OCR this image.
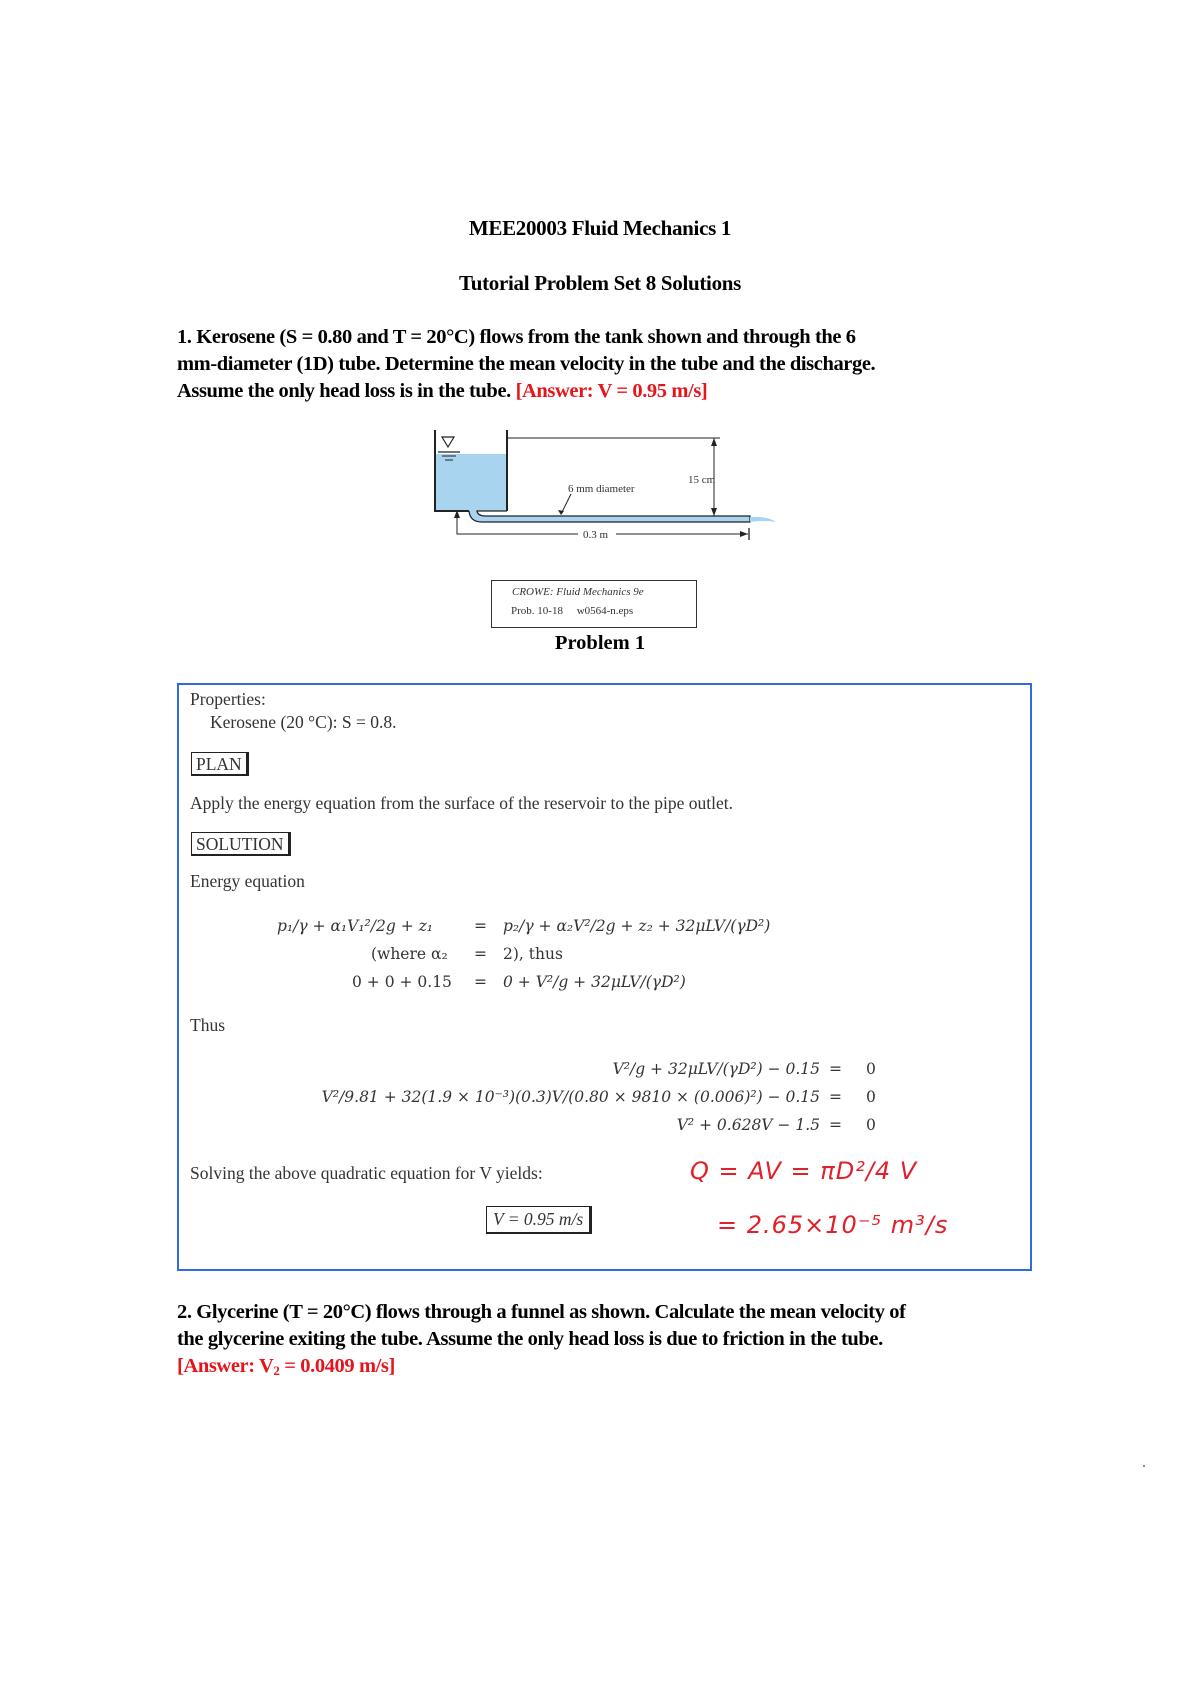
MEE20003 Fluid Mechanics 1
Tutorial Problem Set 8 Solutions
1. Kerosene (S = 0.80 and T = 20°C) flows from the tank shown and through the 6
mm-diameter (1D) tube. Determine the mean velocity in the tube and the discharge.
Assume the only head loss is in the tube. [Answer: V = 0.95 m/s]
15 cm
6 mm diameter
0.3 m
CROWE: Fluid Mechanics 9e
Prob. 10-18     w0564-n.eps
Problem 1
Properties:
Kerosene (20 °C): S = 0.8.
PLAN
Apply the energy equation from the surface of the reservoir to the pipe outlet.
SOLUTION
Energy equation
p₁/γ + α₁V₁²/2g + z₁	= p₂/γ + α₂V²/2g + z₂ + 32μLV/(γD²)
(where α₂ = 2), thus
0 + 0 + 0.15 = 0 + V²/g + 32μLV/(γD²)
Thus
V²/g + 32μLV/(γD²) − 0.15 = 0
V²/9.81 + 32(1.9 × 10⁻³)(0.3)V/(0.80 × 9810 × (0.006)²) − 0.15 = 0
V² + 0.628V − 1.5 = 0
Solving the above quadratic equation for V yields:
V = 0.95 m/s
Q = AV = πD²/4 V
= 2.65×10⁻⁵ m³/s
2. Glycerine (T = 20°C) flows through a funnel as shown. Calculate the mean velocity of
the glycerine exiting the tube. Assume the only head loss is due to friction in the tube.
[Answer: $V_2 = 0.0409$ m/s]
